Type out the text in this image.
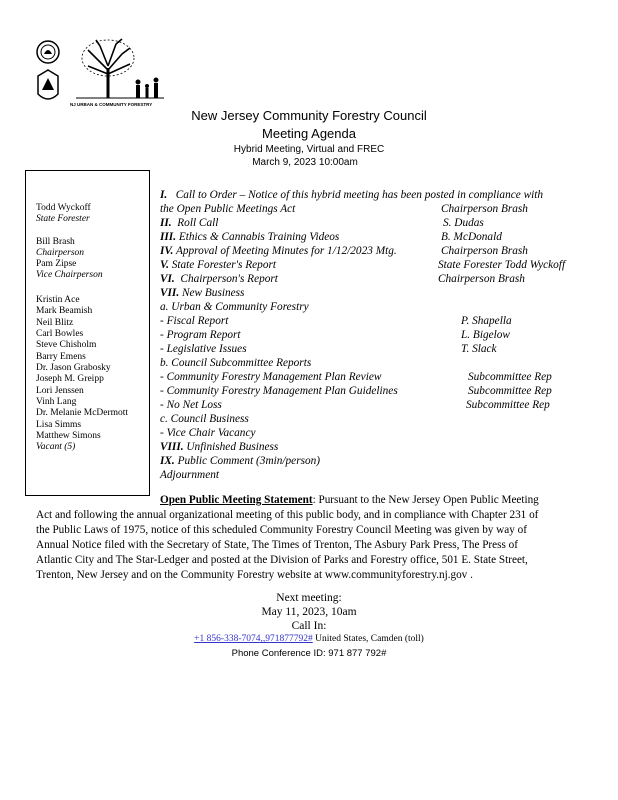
NJ URBAN & COMMUNITY FORESTRY
New Jersey Community Forestry Council
Meeting Agenda
Hybrid Meeting, Virtual and FREC
March 9, 2023 10:00am
Todd Wyckoff
State Forester
Bill Brash
Chairperson
Pam Zipse
Vice Chairperson
Kristin Ace
Mark Beamish
Neil Blitz
Carl Bowles
Steve Chisholm
Barry Emens
Dr. Jason Grabosky
Joseph M. Greipp
Lori Jenssen
Vinh Lang
Dr. Melanie McDermott
Lisa Simms
Matthew Simons
Vacant (5)
I. Call to Order – Notice of this hybrid meeting has been posted in compliance with
the Open Public Meetings Act	Chairperson Brash
II. Roll Call	S. Dudas
III. Ethics & Cannabis Training Videos	B. McDonald
IV. Approval of Meeting Minutes for 1/12/2023 Mtg.	Chairperson Brash
V. State Forester's Report	State Forester Todd Wyckoff
VI. Chairperson's Report	Chairperson Brash
VII. New Business
a. Urban & Community Forestry
- Fiscal Report	P. Shapella
- Program Report	L. Bigelow
- Legislative Issues	T. Slack
b. Council Subcommittee Reports
- Community Forestry Management Plan Review	Subcommittee Rep
- Community Forestry Management Plan Guidelines	Subcommittee Rep
- No Net Loss	Subcommittee Rep
c. Council Business
- Vice Chair Vacancy
VIII. Unfinished Business
IX. Public Comment (3min/person)
Adjournment
Open Public Meeting Statement: Pursuant to the New Jersey Open Public Meeting
Act and following the annual organizational meeting of this public body, and in compliance with Chapter 231 of
the Public Laws of 1975, notice of this scheduled Community Forestry Council Meeting was given by way of
Annual Notice filed with the Secretary of State, The Times of Trenton, The Asbury Park Press, The Press of
Atlantic City and The Star-Ledger and posted at the Division of Parks and Forestry office, 501 E. State Street,
Trenton, New Jersey and on the Community Forestry website at www.communityforestry.nj.gov .
Next meeting:
May 11, 2023, 10am
Call In:
+1 856-338-7074,,971877792# United States, Camden (toll)
Phone Conference ID: 971 877 792#
